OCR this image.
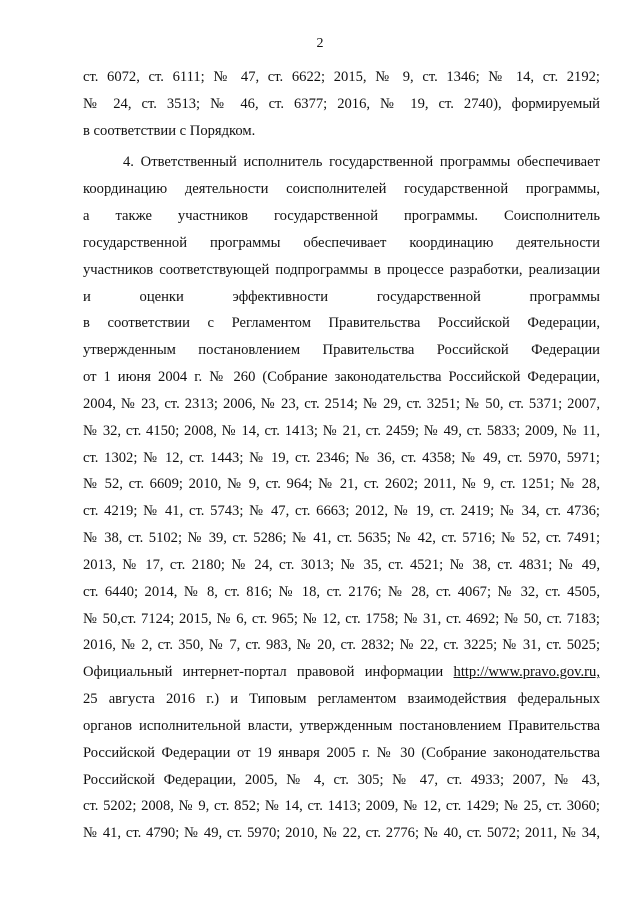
2
ст. 6072, ст. 6111; № 47, ст. 6622; 2015, № 9, ст. 1346; № 14, ст. 2192;
№ 24, ст. 3513; № 46, ст. 6377; 2016, № 19, ст. 2740), формируемый
в соответствии с Порядком.
4. Ответственный исполнитель государственной программы обеспечивает
координацию деятельности соисполнителей государственной программы,
а также участников государственной программы. Соисполнитель
государственной программы обеспечивает координацию деятельности
участников соответствующей подпрограммы в процессе разработки, реализации
и оценки эффективности государственной программы
в соответствии с Регламентом Правительства Российской Федерации,
утвержденным постановлением Правительства Российской Федерации
от 1 июня 2004 г. № 260 (Собрание законодательства Российской Федерации,
2004, № 23, ст. 2313; 2006, № 23, ст. 2514; № 29, ст. 3251; № 50, ст. 5371; 2007,
№ 32, ст. 4150; 2008, № 14, ст. 1413; № 21, ст. 2459; № 49, ст. 5833; 2009, № 11,
ст. 1302; № 12, ст. 1443; № 19, ст. 2346; № 36, ст. 4358; № 49, ст. 5970, 5971;
№ 52, ст. 6609; 2010, № 9, ст. 964; № 21, ст. 2602; 2011, № 9, ст. 1251; № 28,
ст. 4219; № 41, ст. 5743; № 47, ст. 6663; 2012, № 19, ст. 2419; № 34, ст. 4736;
№ 38, ст. 5102; № 39, ст. 5286; № 41, ст. 5635; № 42, ст. 5716; № 52, ст. 7491;
2013, № 17, ст. 2180; № 24, ст. 3013; № 35, ст. 4521; № 38, ст. 4831; № 49,
ст. 6440; 2014, № 8, ст. 816; № 18, ст. 2176; № 28, ст. 4067; № 32, ст. 4505,
№ 50,ст. 7124; 2015, № 6, ст. 965; № 12, ст. 1758; № 31, ст. 4692; № 50, ст. 7183;
2016, № 2, ст. 350, № 7, ст. 983, № 20, ст. 2832; № 22, ст. 3225; № 31, ст. 5025;
Официальный интернет-портал правовой информации http://www.pravo.gov.ru,
25 августа 2016 г.) и Типовым регламентом взаимодействия федеральных
органов исполнительной власти, утвержденным постановлением Правительства
Российской Федерации от 19 января 2005 г. № 30 (Собрание законодательства
Российской Федерации, 2005, № 4, ст. 305; № 47, ст. 4933; 2007, № 43,
ст. 5202; 2008, № 9, ст. 852; № 14, ст. 1413; 2009, № 12, ст. 1429; № 25, ст. 3060;
№ 41, ст. 4790; № 49, ст. 5970; 2010, № 22, ст. 2776; № 40, ст. 5072; 2011, № 34,
